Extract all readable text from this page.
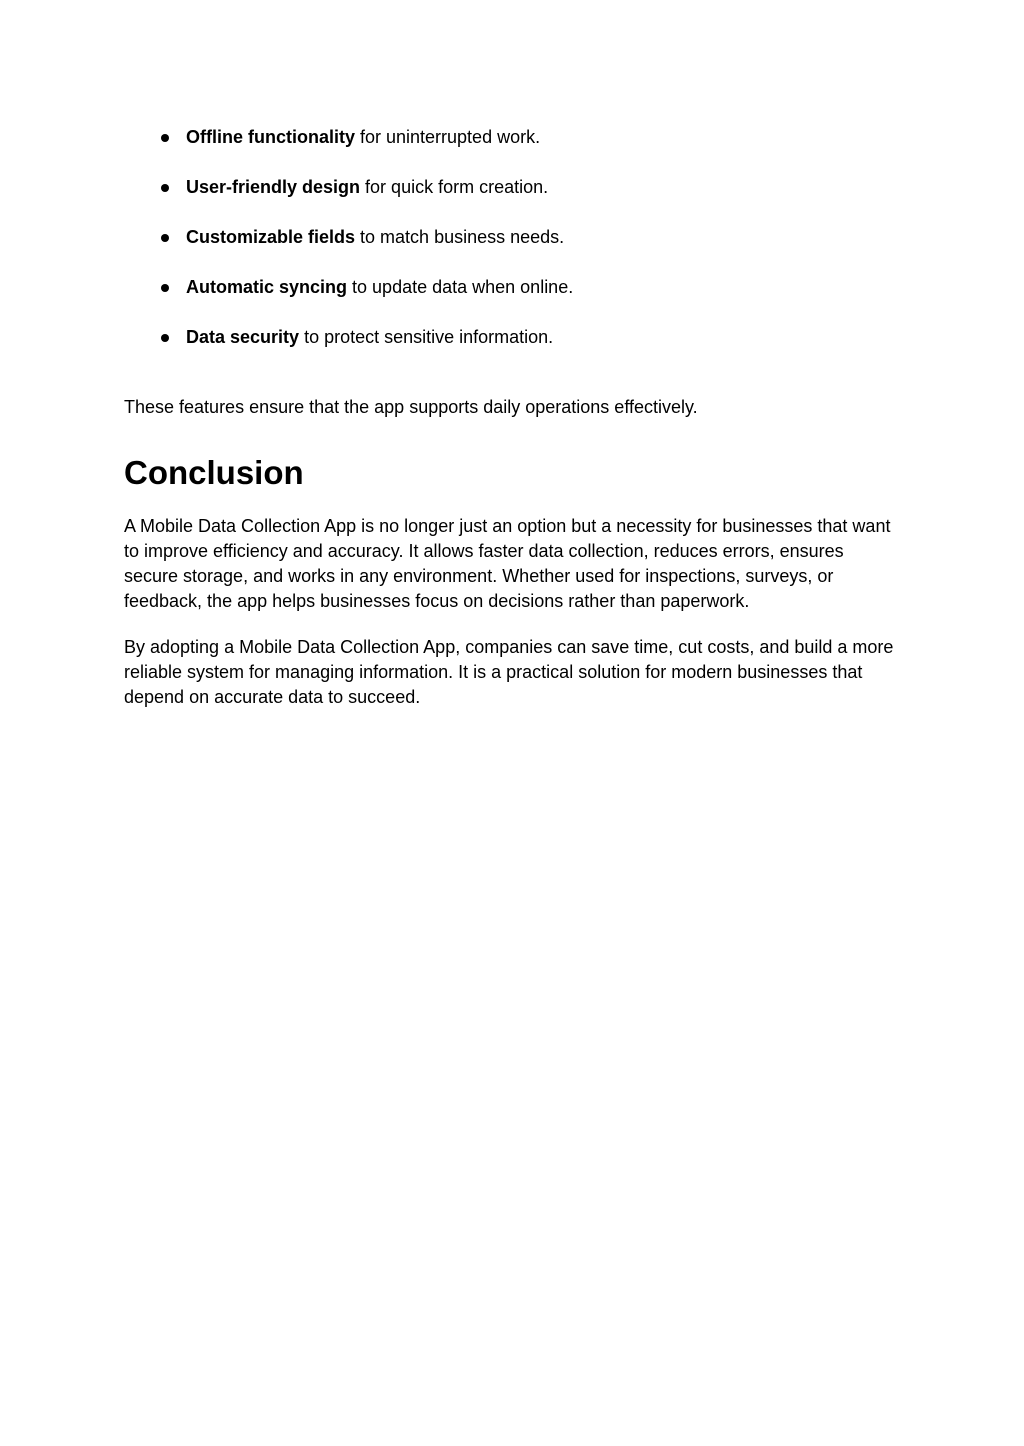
Offline functionality for uninterrupted work.
User-friendly design for quick form creation.
Customizable fields to match business needs.
Automatic syncing to update data when online.
Data security to protect sensitive information.

These features ensure that the app supports daily operations effectively.

Conclusion

A Mobile Data Collection App is no longer just an option but a necessity for businesses that want to improve efficiency and accuracy. It allows faster data collection, reduces errors, ensures secure storage, and works in any environment. Whether used for inspections, surveys, or feedback, the app helps businesses focus on decisions rather than paperwork.

By adopting a Mobile Data Collection App, companies can save time, cut costs, and build a more reliable system for managing information. It is a practical solution for modern businesses that depend on accurate data to succeed.
